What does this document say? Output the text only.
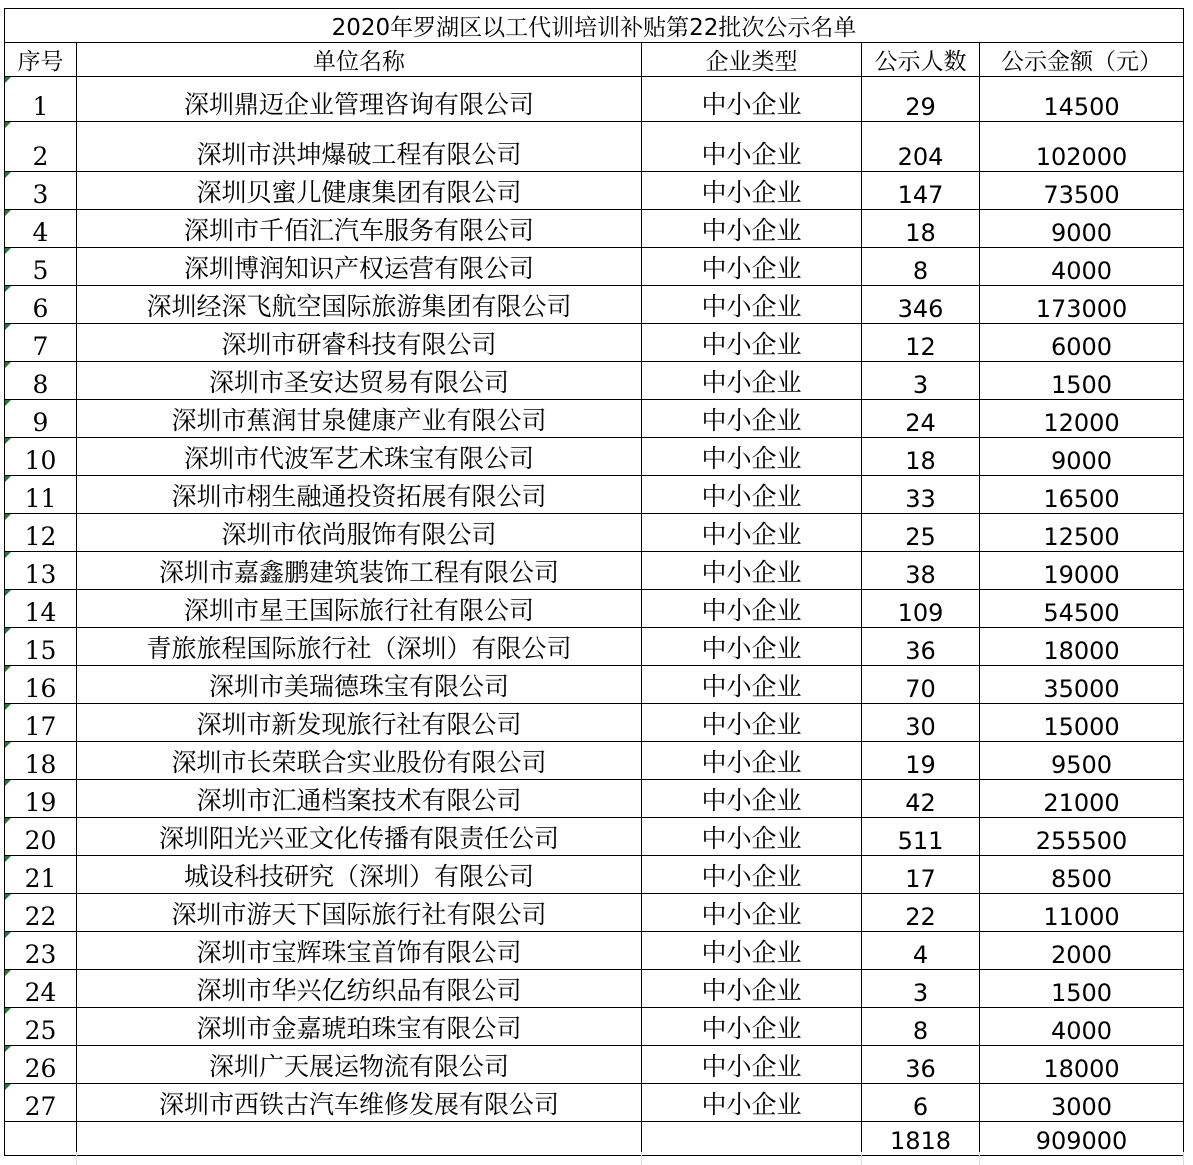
2020年罗湖区以工代训培训补贴第22批次公示名单				
序号	单位名称	企业类型	公示人数	公示金额（元）

1	深圳鼎迈企业管理咨询有限公司	中小企业	29	14500

2	深圳市洪坤爆破工程有限公司	中小企业	204	102000

3	深圳贝蜜儿健康集团有限公司	中小企业	147	73500

4	深圳市千佰汇汽车服务有限公司	中小企业	18	9000

5	深圳博润知识产权运营有限公司	中小企业	8	4000

6	深圳经深飞航空国际旅游集团有限公司	中小企业	346	173000

7	深圳市研睿科技有限公司	中小企业	12	6000

8	深圳市圣安达贸易有限公司	中小企业	3	1500

9	深圳市蕉润甘泉健康产业有限公司	中小企业	24	12000

10	深圳市代波军艺术珠宝有限公司	中小企业	18	9000

11	深圳市栩生融通投资拓展有限公司	中小企业	33	16500

12	深圳市依尚服饰有限公司	中小企业	25	12500

13	深圳市嘉鑫鹏建筑装饰工程有限公司	中小企业	38	19000

14	深圳市星王国际旅行社有限公司	中小企业	109	54500

15	青旅旅程国际旅行社（深圳）有限公司	中小企业	36	18000

16	深圳市美瑞德珠宝有限公司	中小企业	70	35000

17	深圳市新发现旅行社有限公司	中小企业	30	15000

18	深圳市长荣联合实业股份有限公司	中小企业	19	9500

19	深圳市汇通档案技术有限公司	中小企业	42	21000

20	深圳阳光兴亚文化传播有限责任公司	中小企业	511	255500

21	城设科技研究（深圳）有限公司	中小企业	17	8500

22	深圳市游天下国际旅行社有限公司	中小企业	22	11000

23	深圳市宝辉珠宝首饰有限公司	中小企业	4	2000

24	深圳市华兴亿纺织品有限公司	中小企业	3	1500

25	深圳市金嘉琥珀珠宝有限公司	中小企业	8	4000

26	深圳广天展运物流有限公司	中小企业	36	18000

27	深圳市西铁古汽车维修发展有限公司	中小企业	6	3000
			1818	909000
